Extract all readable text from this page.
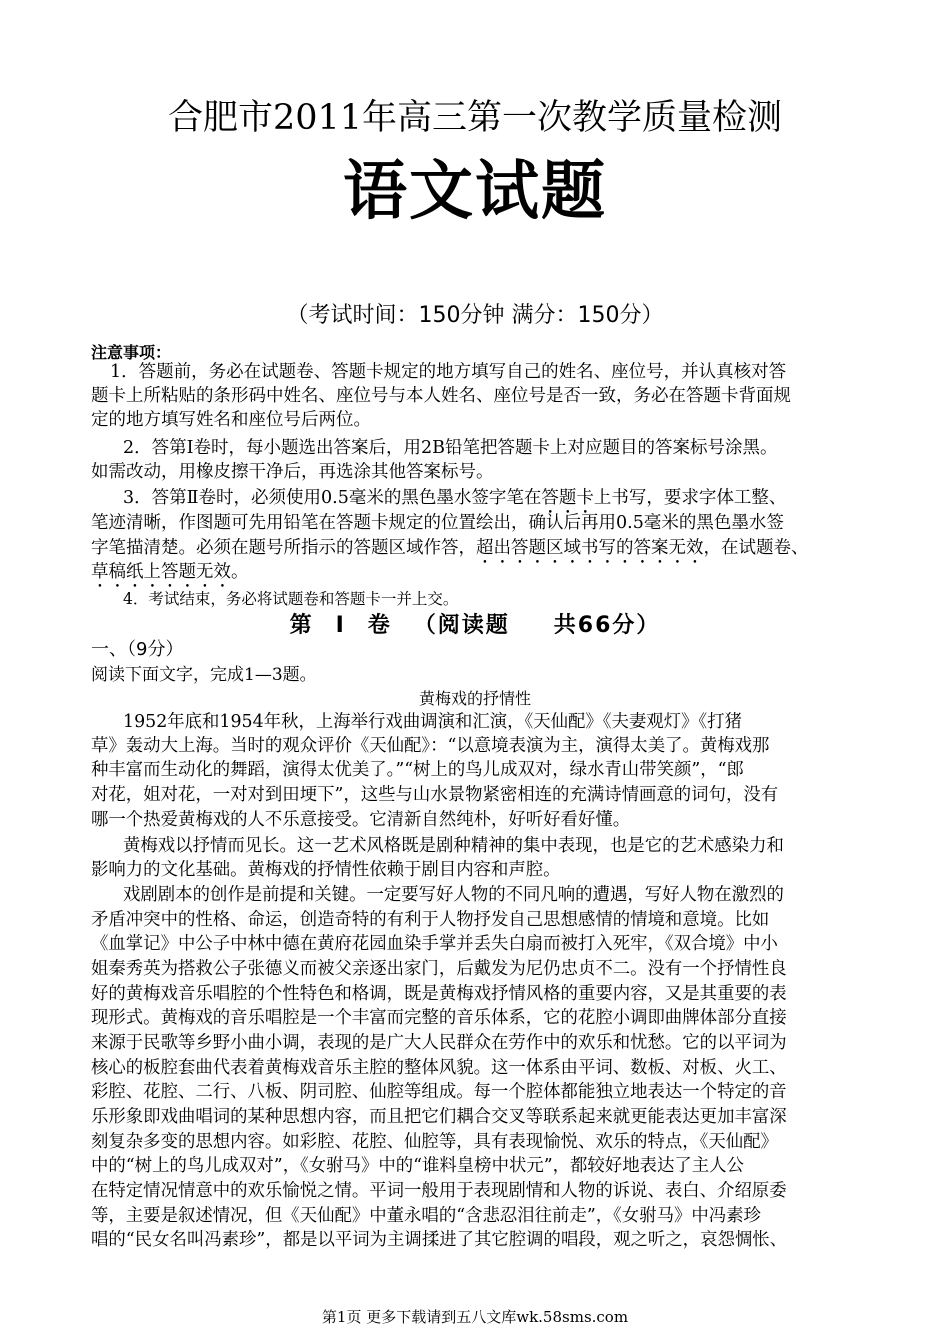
合肥市2011年高三第一次教学质量检测
语文试题
（考试时间：150分钟 满分：150分）
注意事项：
1．答题前，务必在试题卷、答题卡规定的地方填写自己的姓名、座位号，并认真核对答
题卡上所粘贴的条形码中姓名、座位号与本人姓名、座位号是否一致，务必在答题卡背面规
定的地方填写姓名和座位号后两位。
2．答第Ⅰ卷时，每小题选出答案后，用2B铅笔把答题卡上对应题目的答案标号涂黑。
如需改动，用橡皮擦干净后，再选涂其他答案标号。
3．答第Ⅱ卷时，必须使用0.5毫米的黑色墨水签字笔在答题卡上书写，要求字体工整、
笔迹清晰，作图题可先用铅笔在答题卡规定的位置绘出，确认后再用0.5毫米的黑色墨水签
字笔描清楚。必须在题号所指示的答题区域作答，超出答题区域书写的答案无效，在试题卷、
草稿纸上答题无效。
4．考试结束，务必将试题卷和答题卡一并上交。
第 Ⅰ 卷 （阅读题 共66分）
一、（9分）
阅读下面文字，完成1—3题。
黄梅戏的抒情性
1952年底和1954年秋，上海举行戏曲调演和汇演，《天仙配》《夫妻观灯》《打猪
草》轰动大上海。当时的观众评价《天仙配》：“以意境表演为主，演得太美了。黄梅戏那
种丰富而生动化的舞蹈，演得太优美了。”“树上的鸟儿成双对，绿水青山带笑颜”，“郎
对花，姐对花，一对对到田埂下”，这些与山水景物紧密相连的充满诗情画意的词句，没有
哪一个热爱黄梅戏的人不乐意接受。它清新自然纯朴，好听好看好懂。
黄梅戏以抒情而见长。这一艺术风格既是剧种精神的集中表现，也是它的艺术感染力和
影响力的文化基础。黄梅戏的抒情性依赖于剧目内容和声腔。
戏剧剧本的创作是前提和关键。一定要写好人物的不同凡响的遭遇，写好人物在激烈的
矛盾冲突中的性格、命运，创造奇特的有利于人物抒发自己思想感情的情境和意境。比如
《血掌记》中公子中林中德在黄府花园血染手掌并丢失白扇而被打入死牢，《双合境》中小
姐秦秀英为搭救公子张德义而被父亲逐出家门，后戴发为尼仍忠贞不二。没有一个抒情性良
好的黄梅戏音乐唱腔的个性特色和格调，既是黄梅戏抒情风格的重要内容，又是其重要的表
现形式。黄梅戏的音乐唱腔是一个丰富而完整的音乐体系，它的花腔小调即曲牌体部分直接
来源于民歌等乡野小曲小调，表现的是广大人民群众在劳作中的欢乐和忧愁。它的以平词为
核心的板腔套曲代表着黄梅戏音乐主腔的整体风貌。这一体系由平词、数板、对板、火工、
彩腔、花腔、二行、八板、阴司腔、仙腔等组成。每一个腔体都能独立地表达一个特定的音
乐形象即戏曲唱词的某种思想内容，而且把它们耦合交叉等联系起来就更能表达更加丰富深
刻复杂多变的思想内容。如彩腔、花腔、仙腔等，具有表现愉悦、欢乐的特点，《天仙配》
中的“树上的鸟儿成双对”，《女驸马》中的“谁料皇榜中状元”，都较好地表达了主人公
在特定情况情意中的欢乐愉悦之情。平词一般用于表现剧情和人物的诉说、表白、介绍原委
等，主要是叙述情况，但《天仙配》中董永唱的“含悲忍泪往前走”，《女驸马》中冯素珍
唱的“民女名叫冯素珍”，都是以平词为主调揉进了其它腔调的唱段，观之听之，哀怨惆怅、
第1页 更多下载请到五八文库wk.58sms.com
